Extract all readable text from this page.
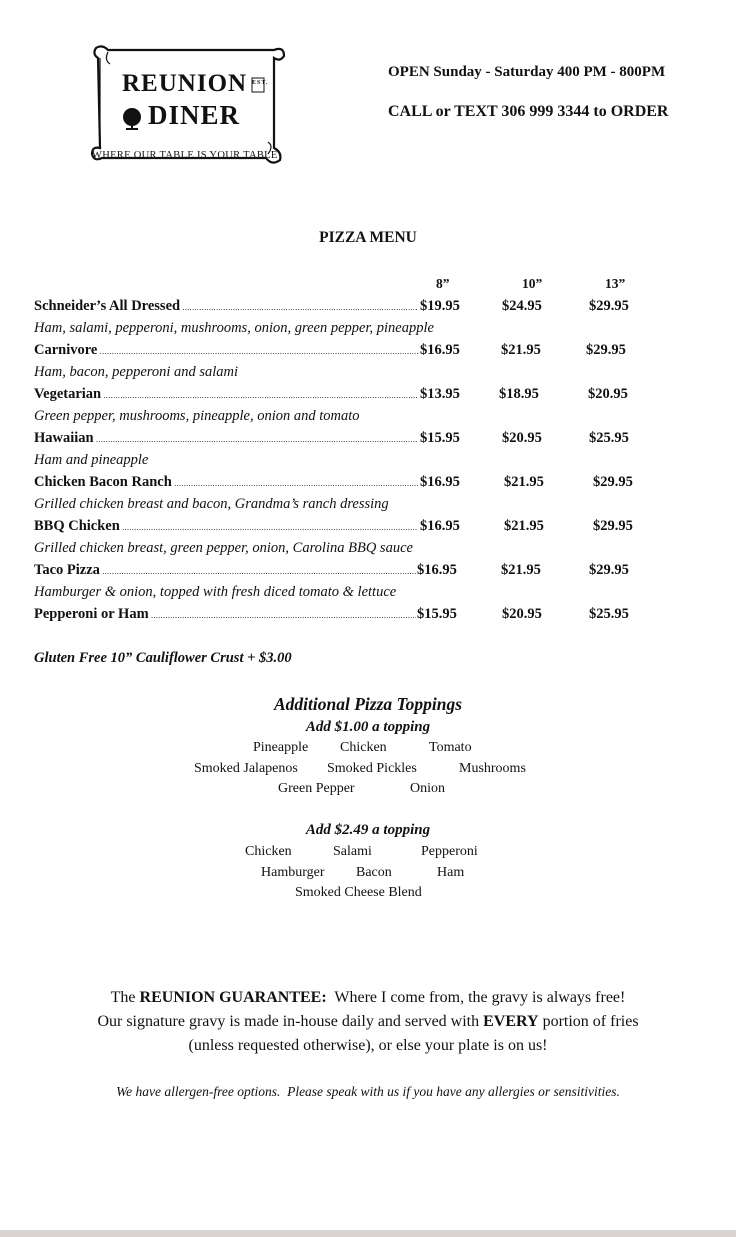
REUNION
DINER
EST.
WHERE OUR TABLE IS YOUR TABLE
OPEN Sunday - Saturday 400 PM - 800PM
CALL or TEXT 306 999 3344 to ORDER
PIZZA MENU
8”	10”	13”
Schneider’s All Dressed .....	$19.95	$24.95	$29.95
Ham, salami, pepperoni, mushrooms, onion, green pepper, pineapple
Carnivore .....	$16.95	$21.95	$29.95
Ham, bacon, pepperoni and salami
Vegetarian .....	$13.95	$18.95	$20.95
Green pepper, mushrooms, pineapple, onion and tomato
Hawaiian .....	$15.95	$20.95	$25.95
Ham and pineapple
Chicken Bacon Ranch .....	$16.95	$21.95	$29.95
Grilled chicken breast and bacon, Grandma’s ranch dressing
BBQ Chicken .....	$16.95	$21.95	$29.95
Grilled chicken breast, green pepper, onion, Carolina BBQ sauce
Taco Pizza .....	$16.95	$21.95	$29.95
Hamburger & onion, topped with fresh diced tomato & lettuce
Pepperoni or Ham .....	$15.95	$20.95	$25.95
Gluten Free 10” Cauliflower Crust + $3.00
Additional Pizza Toppings
Add $1.00 a topping
Pineapple Chicken	Tomato
Smoked Jalapenos Smoked Pickles	Mushrooms
Green Pepper	Onion
Add $2.49 a topping
Chicken	Salami	Pepperoni
Hamburger Bacon	Ham
Smoked Cheese Blend
The REUNION GUARANTEE:  Where I come from, the gravy is always free!
Our signature gravy is made in-house daily and served with EVERY portion of fries
(unless requested otherwise), or else your plate is on us!
We have allergen-free options.  Please speak with us if you have any allergies or sensitivities.
